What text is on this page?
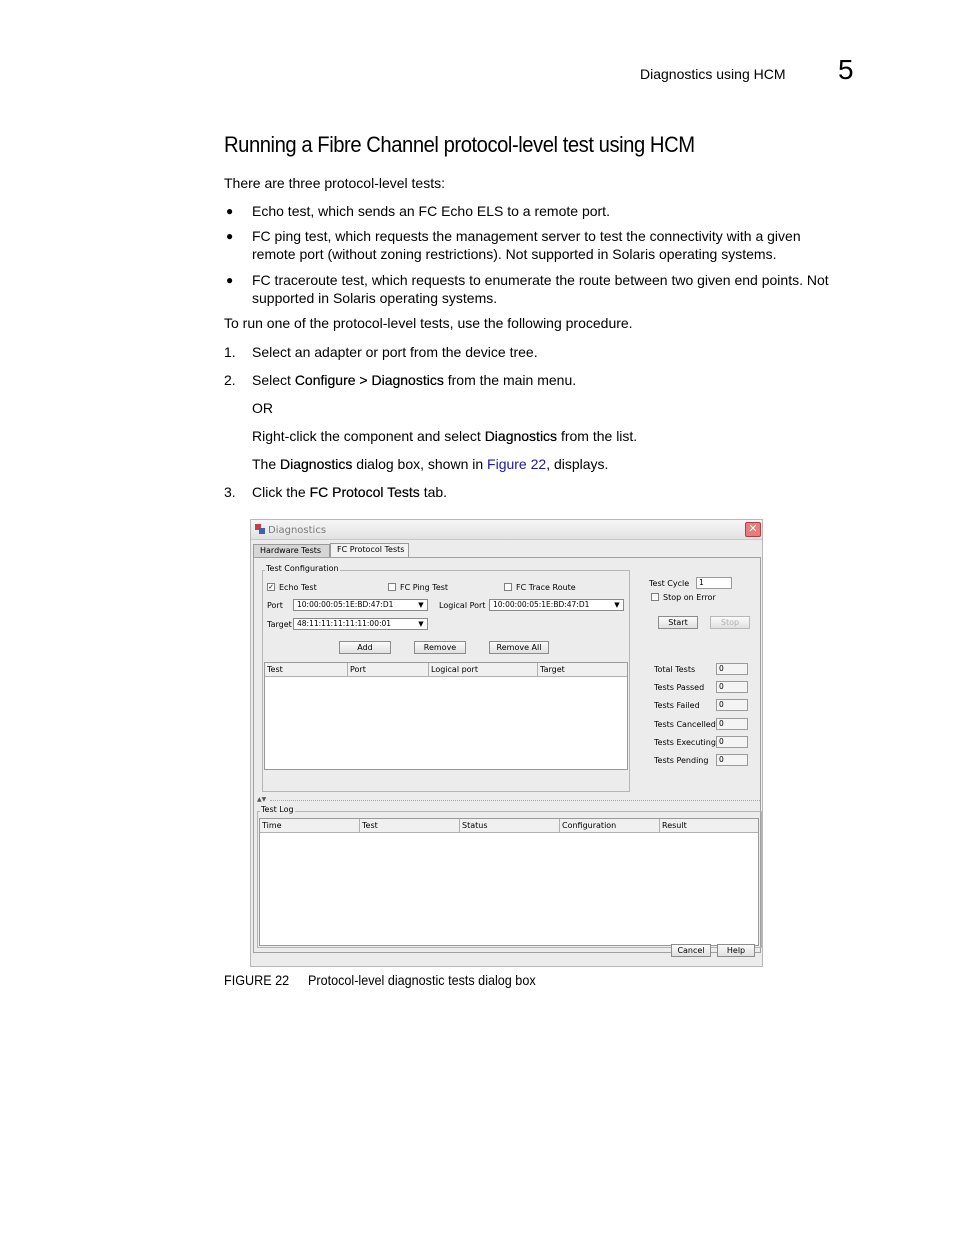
Diagnostics using HCM 5
Running a Fibre Channel protocol-level test using HCM
There are three protocol-level tests:
● Echo test, which sends an FC Echo ELS to a remote port.
● FC ping test, which requests the management server to test the connectivity with a given
remote port (without zoning restrictions). Not supported in Solaris operating systems.
● FC traceroute test, which requests to enumerate the route between two given end points. Not
supported in Solaris operating systems.
To run one of the protocol-level tests, use the following procedure.
1. Select an adapter or port from the device tree.
2. Select Configure > Diagnostics from the main menu.
OR
Right-click the component and select Diagnostics from the list.
The Diagnostics dialog box, shown in Figure 22, displays.
3. Click the FC Protocol Tests tab.
Diagnostics	✕
Hardware Tests	FC Protocol Tests
Test Configuration
✓ Echo Test	FC Ping Test	FC Trace Route
Port	10:00:00:05:1E:BD:47:D1	▼	Logical Port	10:00:00:05:1E:BD:47:D1	▼
Target 48:11:11:11:11:11:00:01	▼
Add	Remove	Remove All
Test	Port	Logical port	Target
Test Cycle	1
Stop on Error
Start	Stop
Total Tests	0
Tests Passed	0
Tests Failed	0
Tests Cancelled 0
Tests Executing 0
Tests Pending	0
▲▼
Test Log
Time	Test	Status	Configuration	Result
Cancel	Help
FIGURE 22 Protocol-level diagnostic tests dialog box
